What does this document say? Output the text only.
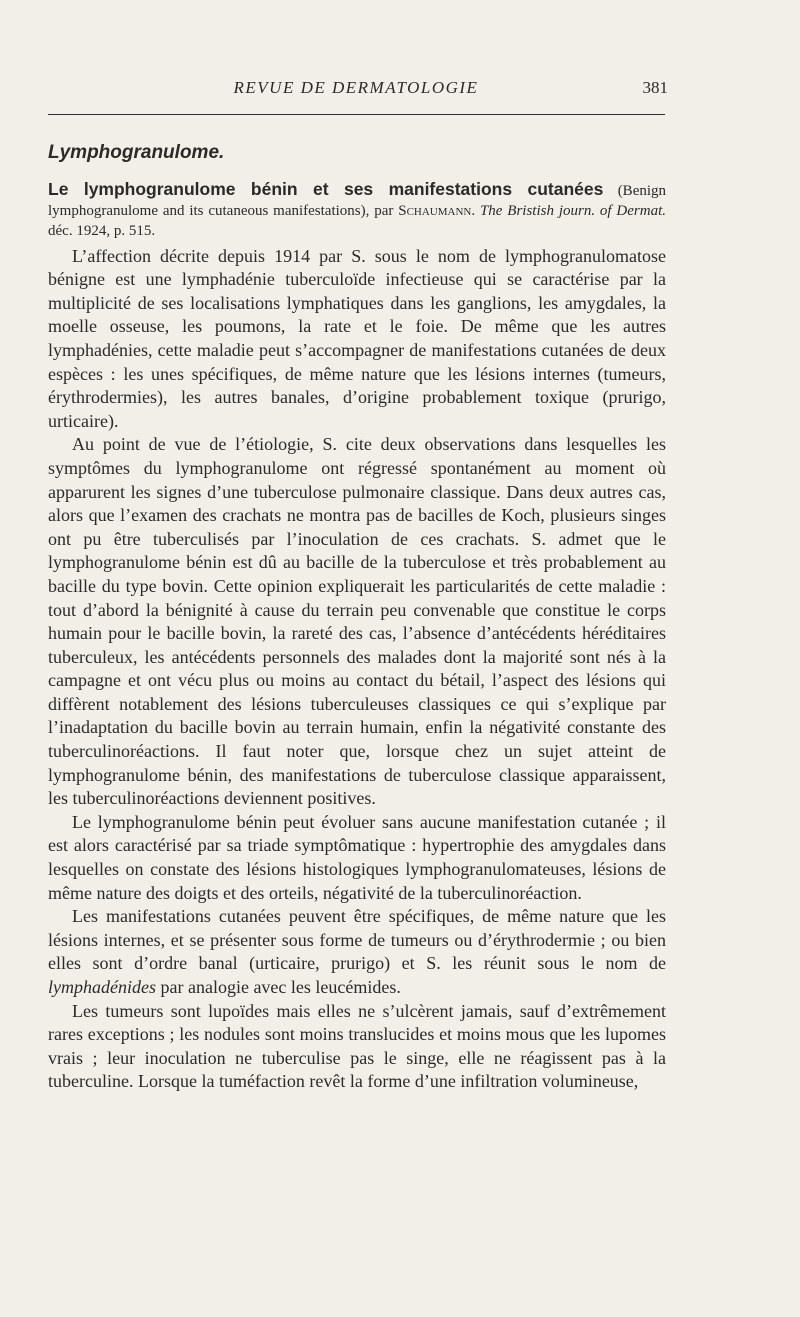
REVUE DE DERMATOLOGIE	381
Lymphogranulome.

Le lymphogranulome bénin et ses manifestations cutanées (Benign lymphogranulome and its cutaneous manifestations), par Schaumann. The Bristish journ. of Dermat. déc. 1924, p. 515.

L’affection décrite depuis 1914 par S. sous le nom de lymphogranulomatose bénigne est une lymphadénie tuberculoïde infectieuse qui se caractérise par la multiplicité de ses localisations lymphatiques dans les ganglions, les amygdales, la moelle osseuse, les poumons, la rate et le foie. De même que les autres lymphadénies, cette maladie peut s’accompagner de manifestations cutanées de deux espèces : les unes spécifiques, de même nature que les lésions internes (tumeurs, érythrodermies), les autres banales, d’origine probablement toxique (prurigo, urticaire).

Au point de vue de l’étiologie, S. cite deux observations dans lesquelles les symptômes du lymphogranulome ont régressé spontanément au moment où apparurent les signes d’une tuberculose pulmonaire classique. Dans deux autres cas, alors que l’examen des crachats ne montra pas de bacilles de Koch, plusieurs singes ont pu être tuberculisés par l’inoculation de ces crachats. S. admet que le lymphogranulome bénin est dû au bacille de la tuberculose et très probablement au bacille du type bovin. Cette opinion expliquerait les particularités de cette maladie : tout d’abord la bénignité à cause du terrain peu convenable que constitue le corps humain pour le bacille bovin, la rareté des cas, l’absence d’antécédents héréditaires tuberculeux, les antécédents personnels des malades dont la majorité sont nés à la campagne et ont vécu plus ou moins au contact du bétail, l’aspect des lésions qui diffèrent notablement des lésions tuberculeuses classiques ce qui s’explique par l’inadaptation du bacille bovin au terrain humain, enfin la négativité constante des tuberculinoréactions. Il faut noter que, lorsque chez un sujet atteint de lymphogranulome bénin, des manifestations de tuberculose classique apparaissent, les tuberculinoréactions deviennent positives.

Le lymphogranulome bénin peut évoluer sans aucune manifestation cutanée ; il est alors caractérisé par sa triade symptômatique : hypertrophie des amygdales dans lesquelles on constate des lésions histologiques lymphogranulomateuses, lésions de même nature des doigts et des orteils, négativité de la tuberculinoréaction.

Les manifestations cutanées peuvent être spécifiques, de même nature que les lésions internes, et se présenter sous forme de tumeurs ou d’érythrodermie ; ou bien elles sont d’ordre banal (urticaire, prurigo) et S. les réunit sous le nom de lymphadénides par analogie avec les leucémides.

Les tumeurs sont lupoïdes mais elles ne s’ulcèrent jamais, sauf d’extrêmement rares exceptions ; les nodules sont moins translucides et moins mous que les lupomes vrais ; leur inoculation ne tuberculise pas le singe, elle ne réagissent pas à la tuberculine. Lorsque la tuméfaction revêt la forme d’une infiltration volumineuse,
